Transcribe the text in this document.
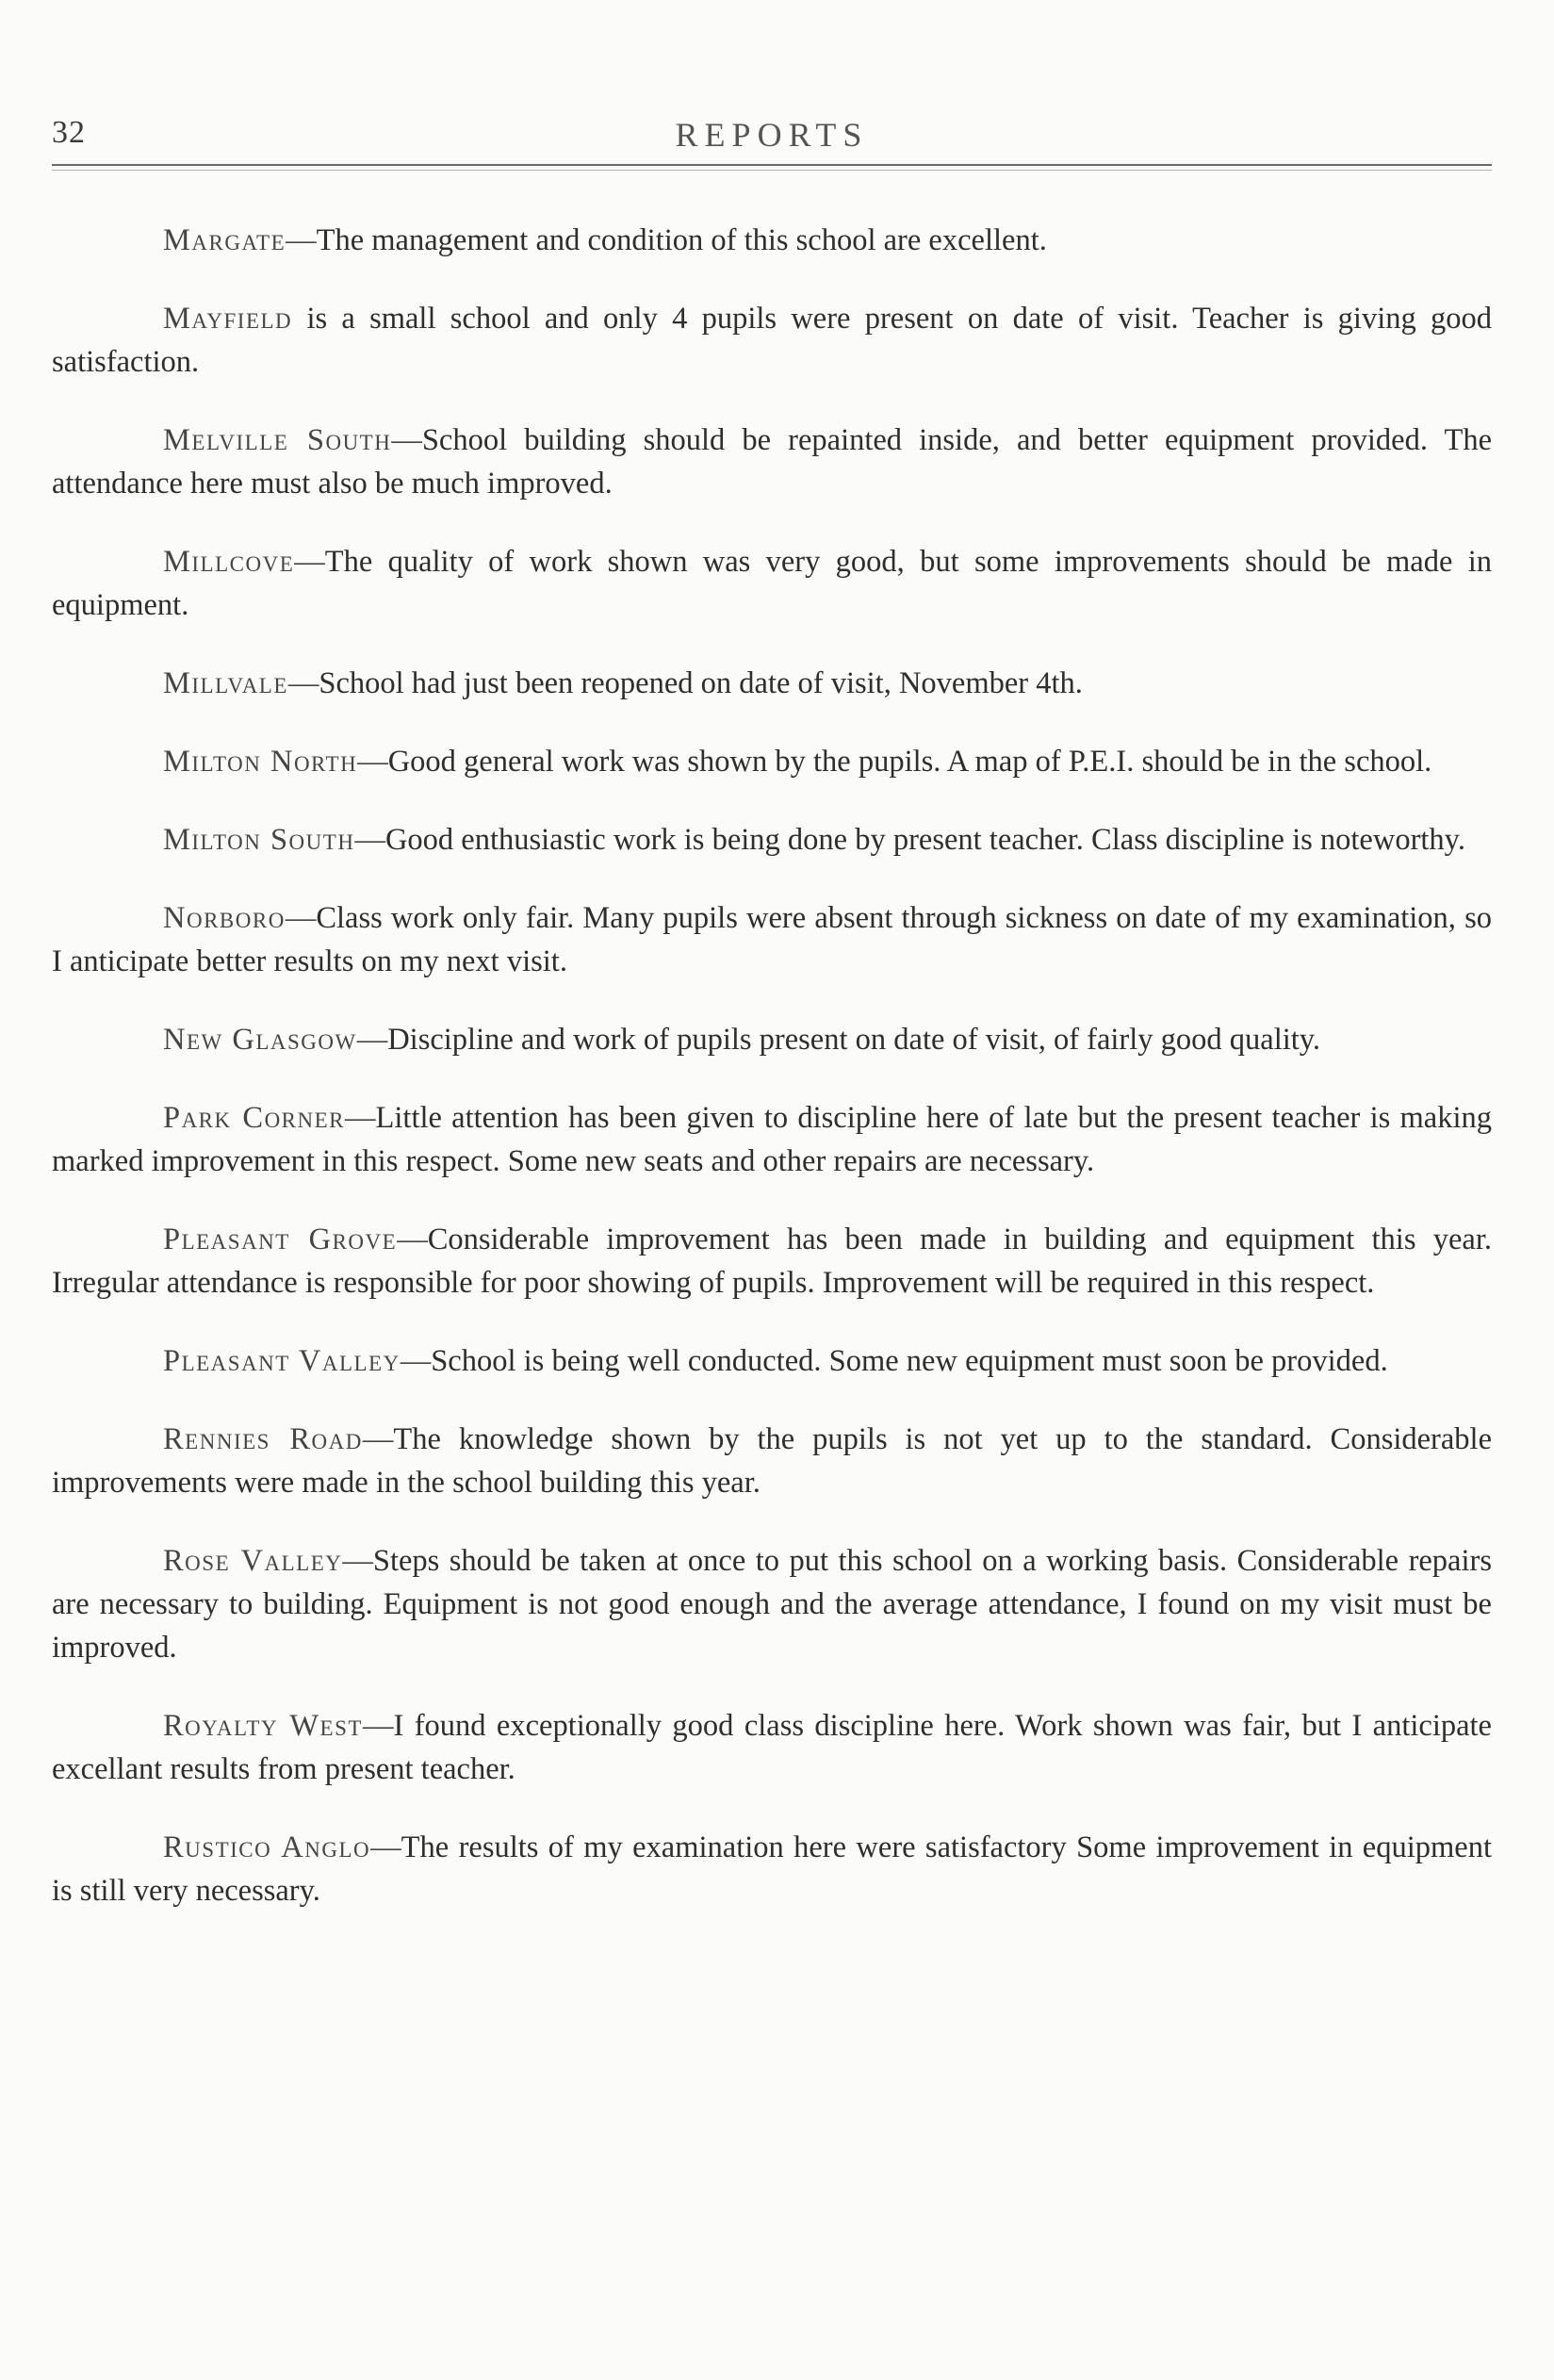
32	REPORTS
Margate—The management and condition of this school are excellent.
Mayfield is a small school and only 4 pupils were present on date of visit. Teacher is giving good satisfaction.
Melville South—School building should be repainted inside, and better equipment provided. The attendance here must also be much improved.
Millcove—The quality of work shown was very good, but some improvements should be made in equipment.
Millvale—School had just been reopened on date of visit, November 4th.
Milton North—Good general work was shown by the pupils. A map of P.E.I. should be in the school.
Milton South—Good enthusiastic work is being done by present teacher. Class discipline is noteworthy.
Norboro—Class work only fair. Many pupils were absent through sickness on date of my examination, so I anticipate better results on my next visit.
New Glasgow—Discipline and work of pupils present on date of visit, of fairly good quality.
Park Corner—Little attention has been given to discipline here of late but the present teacher is making marked improvement in this respect. Some new seats and other repairs are necessary.
Pleasant Grove—Considerable improvement has been made in building and equipment this year. Irregular attendance is responsible for poor showing of pupils. Improvement will be required in this respect.
Pleasant Valley—School is being well conducted. Some new equipment must soon be provided.
Rennies Road—The knowledge shown by the pupils is not yet up to the standard. Considerable improvements were made in the school building this year.
Rose Valley—Steps should be taken at once to put this school on a working basis. Considerable repairs are necessary to building. Equipment is not good enough and the average attendance, I found on my visit must be improved.
Royalty West—I found exceptionally good class discipline here. Work shown was fair, but I anticipate excellant results from present teacher.
Rustico Anglo—The results of my examination here were satisfactory Some improvement in equipment is still very necessary.
